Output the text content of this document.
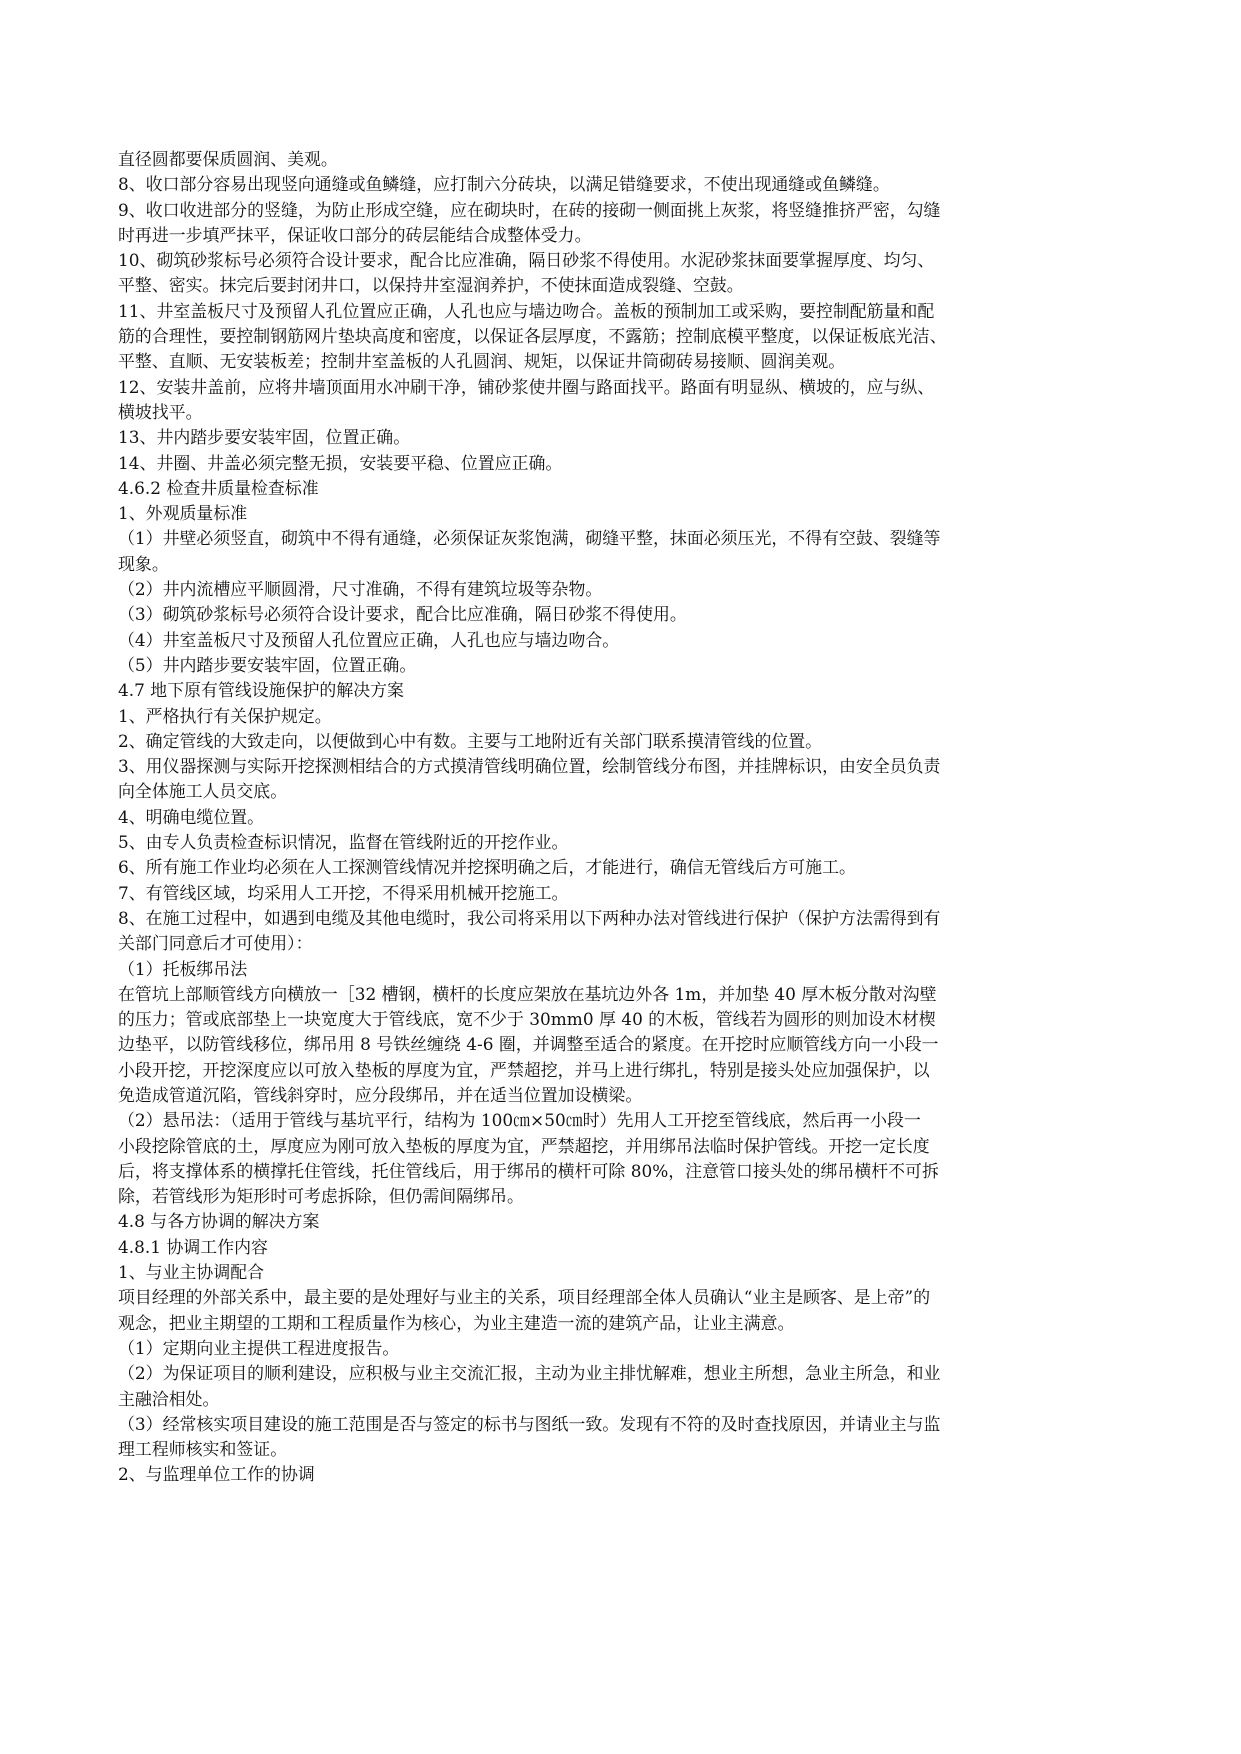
直径圆都要保质圆润、美观。
8、收口部分容易出现竖向通缝或鱼鳞缝，应打制六分砖块，以满足错缝要求，不使出现通缝或鱼鳞缝。
9、收口收进部分的竖缝，为防止形成空缝，应在砌块时，在砖的接砌一侧面挑上灰浆，将竖缝推挤严密，勾缝
时再进一步填严抹平，保证收口部分的砖层能结合成整体受力。
10、砌筑砂浆标号必须符合设计要求，配合比应准确，隔日砂浆不得使用。水泥砂浆抹面要掌握厚度、均匀、
平整、密实。抹完后要封闭井口，以保持井室湿润养护，不使抹面造成裂缝、空鼓。
11、井室盖板尺寸及预留人孔位置应正确，人孔也应与墙边吻合。盖板的预制加工或采购，要控制配筋量和配
筋的合理性，要控制钢筋网片垫块高度和密度，以保证各层厚度，不露筋；控制底模平整度，以保证板底光洁、
平整、直顺、无安装板差；控制井室盖板的人孔圆润、规矩，以保证井筒砌砖易接顺、圆润美观。
12、安装井盖前，应将井墙顶面用水冲刷干净，铺砂浆使井圈与路面找平。路面有明显纵、横坡的，应与纵、
横坡找平。
13、井内踏步要安装牢固，位置正确。
14、井圈、井盖必须完整无损，安装要平稳、位置应正确。
4.6.2 检查井质量检查标准
1、外观质量标准
（1）井壁必须竖直，砌筑中不得有通缝，必须保证灰浆饱满，砌缝平整，抹面必须压光，不得有空鼓、裂缝等
现象。
（2）井内流槽应平顺圆滑，尺寸准确，不得有建筑垃圾等杂物。
（3）砌筑砂浆标号必须符合设计要求，配合比应准确，隔日砂浆不得使用。
（4）井室盖板尺寸及预留人孔位置应正确，人孔也应与墙边吻合。
（5）井内踏步要安装牢固，位置正确。
4.7 地下原有管线设施保护的解决方案
1、严格执行有关保护规定。
2、确定管线的大致走向，以便做到心中有数。主要与工地附近有关部门联系摸清管线的位置。
3、用仪器探测与实际开挖探测相结合的方式摸清管线明确位置，绘制管线分布图，并挂牌标识，由安全员负责
向全体施工人员交底。
4、明确电缆位置。
5、由专人负责检查标识情况，监督在管线附近的开挖作业。
6、所有施工作业均必须在人工探测管线情况并挖探明确之后，才能进行，确信无管线后方可施工。
7、有管线区域，均采用人工开挖，不得采用机械开挖施工。
8、在施工过程中，如遇到电缆及其他电缆时，我公司将采用以下两种办法对管线进行保护（保护方法需得到有
关部门同意后才可使用）：
（1）托板绑吊法
在管坑上部顺管线方向横放一［32 槽钢，横杆的长度应架放在基坑边外各 1m，并加垫 40 厚木板分散对沟壁
的压力；管或底部垫上一块宽度大于管线底，宽不少于 30mm0 厚 40 的木板，管线若为圆形的则加设木材楔
边垫平，以防管线移位，绑吊用 8 号铁丝缠绕 4-6 圈，并调整至适合的紧度。在开挖时应顺管线方向一小段一
小段开挖，开挖深度应以可放入垫板的厚度为宜，严禁超挖，并马上进行绑扎，特别是接头处应加强保护，以
免造成管道沉陷，管线斜穿时，应分段绑吊，并在适当位置加设横梁。
（2）悬吊法：（适用于管线与基坑平行，结构为 100㎝×50㎝时）先用人工开挖至管线底，然后再一小段一
小段挖除管底的土，厚度应为刚可放入垫板的厚度为宜，严禁超挖，并用绑吊法临时保护管线。开挖一定长度
后，将支撑体系的横撑托住管线，托住管线后，用于绑吊的横杆可除 80%，注意管口接头处的绑吊横杆不可拆
除，若管线形为矩形时可考虑拆除，但仍需间隔绑吊。
4.8 与各方协调的解决方案
4.8.1 协调工作内容
1、与业主协调配合
项目经理的外部关系中，最主要的是处理好与业主的关系，项目经理部全体人员确认“业主是顾客、是上帝”的
观念，把业主期望的工期和工程质量作为核心，为业主建造一流的建筑产品，让业主满意。
（1）定期向业主提供工程进度报告。
（2）为保证项目的顺利建设，应积极与业主交流汇报，主动为业主排忧解难，想业主所想，急业主所急，和业
主融洽相处。
（3）经常核实项目建设的施工范围是否与签定的标书与图纸一致。发现有不符的及时查找原因，并请业主与监
理工程师核实和签证。
2、与监理单位工作的协调
